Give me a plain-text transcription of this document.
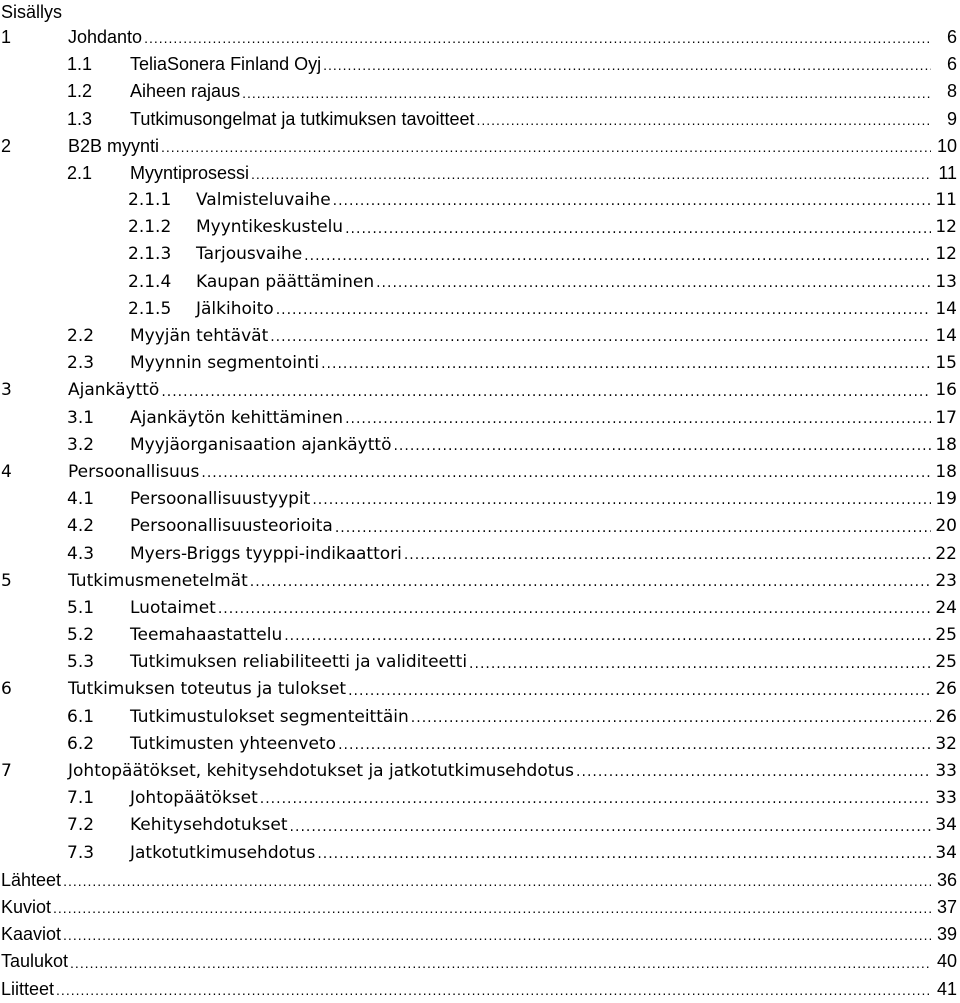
Sisällys
1	Johdanto .....	6
1.1	TeliaSonera Finland Oyj .....	6
1.2	Aiheen rajaus .....	8
1.3	Tutkimusongelmat ja tutkimuksen tavoitteet .....	9
2	B2B myynti .....	10
2.1	Myyntiprosessi .....	11
2.1.1	Valmisteluvaihe .....	11
2.1.2	Myyntikeskustelu .....	12
2.1.3	Tarjousvaihe .....	12
2.1.4	Kaupan päättäminen .....	13
2.1.5	Jälkihoito .....	14
2.2	Myyjän tehtävät .....	14
2.3	Myynnin segmentointi .....	15
3	Ajankäyttö .....	16
3.1	Ajankäytön kehittäminen .....	17
3.2	Myyjäorganisaation ajankäyttö .....	18
4	Persoonallisuus .....	18
4.1	Persoonallisuustyypit .....	19
4.2	Persoonallisuusteorioita .....	20
4.3	Myers-Briggs tyyppi-indikaattori .....	22
5	Tutkimusmenetelmät .....	23
5.1	Luotaimet .....	24
5.2	Teemahaastattelu .....	25
5.3	Tutkimuksen reliabiliteetti ja validiteetti .....	25
6	Tutkimuksen toteutus ja tulokset .....	26
6.1	Tutkimustulokset segmenteittäin .....	26
6.2	Tutkimusten yhteenveto .....	32
7	Johtopäätökset, kehitysehdotukset ja jatkotutkimusehdotus .....	33
7.1	Johtopäätökset .....	33
7.2	Kehitysehdotukset .....	34
7.3	Jatkotutkimusehdotus .....	34
Lähteet .....	36
Kuviot .....	37
Kaaviot .....	39
Taulukot .....	40
Liitteet .....	41
